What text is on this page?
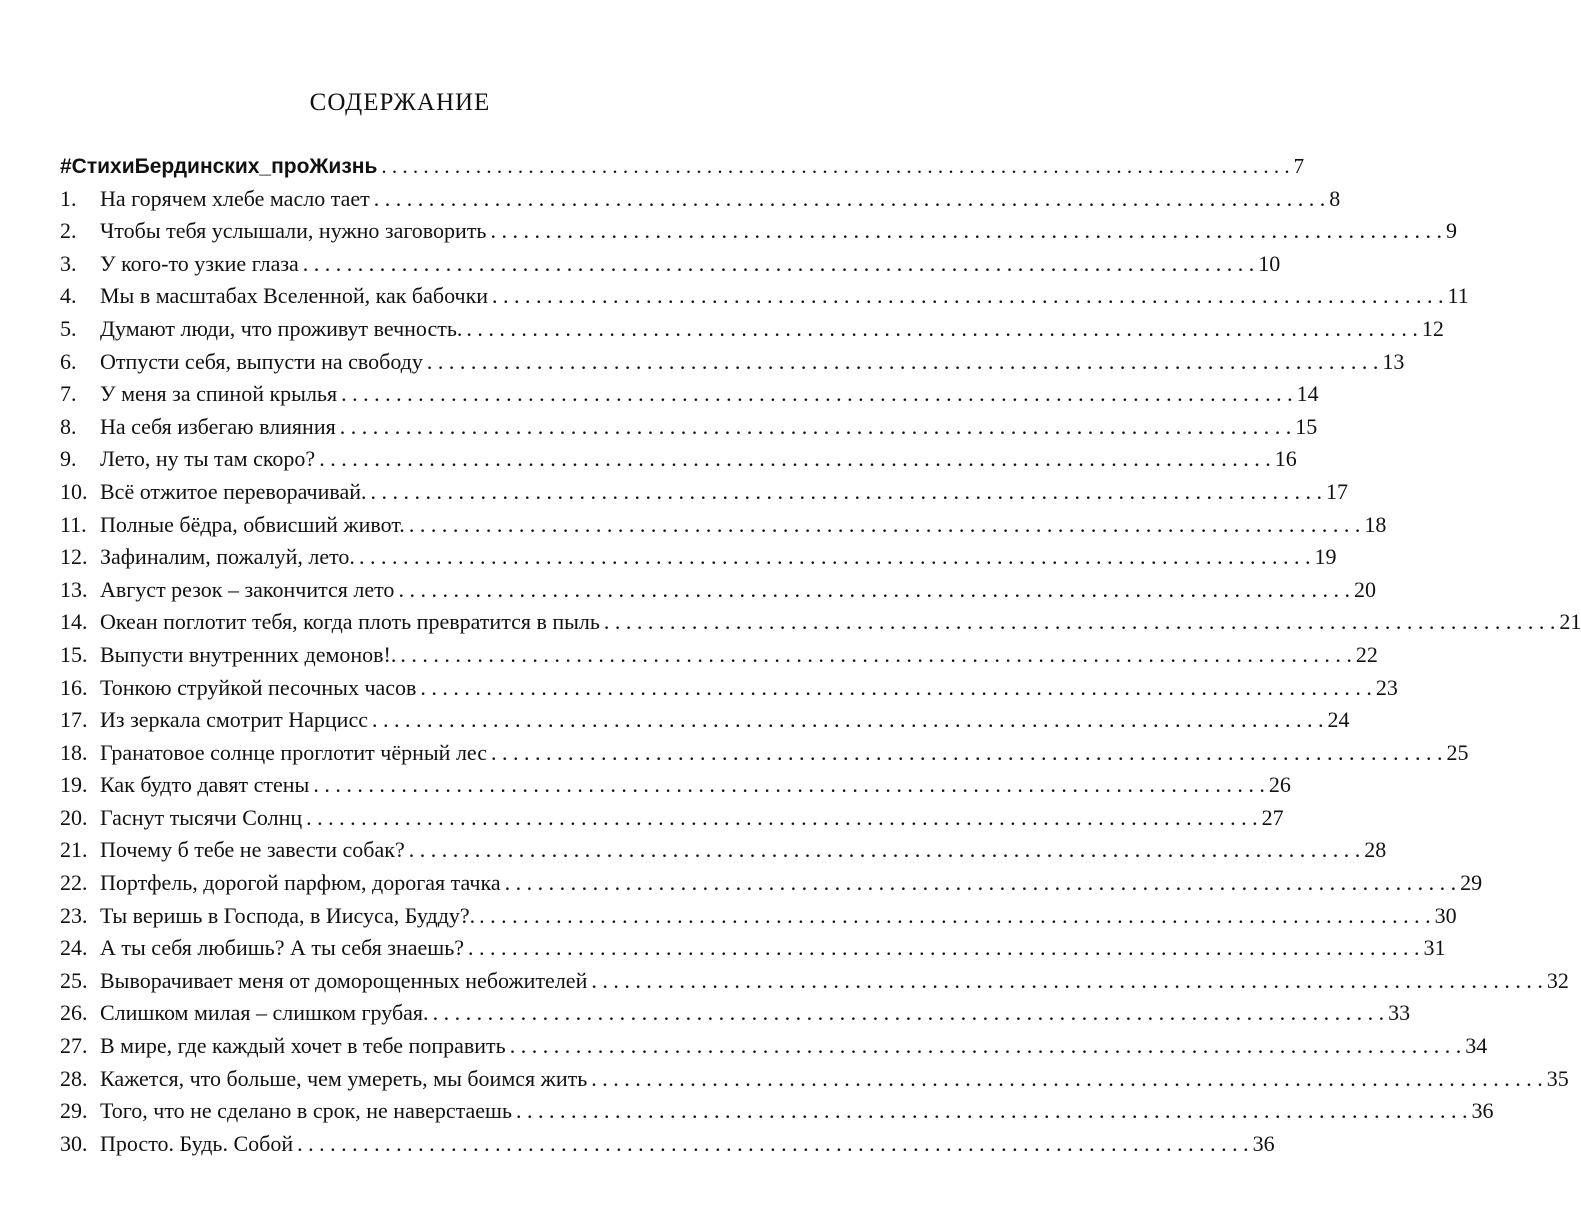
СОДЕРЖАНИЕ
#СтихиБердинских_проЖизнь . . .	7
1.	На горячем хлебе масло тает . . .	8
2.	Чтобы тебя услышали, нужно заговорить . . .	9
3.	У кого-то узкие глаза . . .	10
4.	Мы в масштабах Вселенной, как бабочки . . .	11
5.	Думают люди, что проживут вечность. . . .	12
6.	Отпусти себя, выпусти на свободу . . .	13
7.	У меня за спиной крылья . . .	14
8.	На себя избегаю влияния . . .	15
9.	Лето, ну ты там скоро? . . .	16
10. Всё отжитое переворачивай. . . .	17
11. Полные бёдра, обвисший живот. . . .	18
12. Зафиналим, пожалуй, лето. . . .	19
13. Август резок – закончится лето . . .	20
14. Океан поглотит тебя, когда плоть превратится в пыль . . .	21
15. Выпусти внутренних демонов!. . . .	22
16. Тонкою струйкой песочных часов . . .	23
17. Из зеркала смотрит Нарцисс . . .	24
18. Гранатовое солнце проглотит чёрный лес . . .	25
19. Как будто давят стены . . .	26
20. Гаснут тысячи Солнц . . .	27
21. Почему б тебе не завести собак? . . .	28
22. Портфель, дорогой парфюм, дорогая тачка . . .	29
23. Ты веришь в Господа, в Иисуса, Будду?. . . .	30
24. А ты себя любишь? А ты себя знаешь? . . .	31
25. Выворачивает меня от доморощенных небожителей . . .	32
26. Слишком милая – слишком грубая. . . .	33
27. В мире, где каждый хочет в тебе поправить . . .	34
28. Кажется, что больше, чем умереть, мы боимся жить . . .	35
29. Того, что не сделано в срок, не наверстаешь . . .	36
30. Просто. Будь. Собой . . .	36
